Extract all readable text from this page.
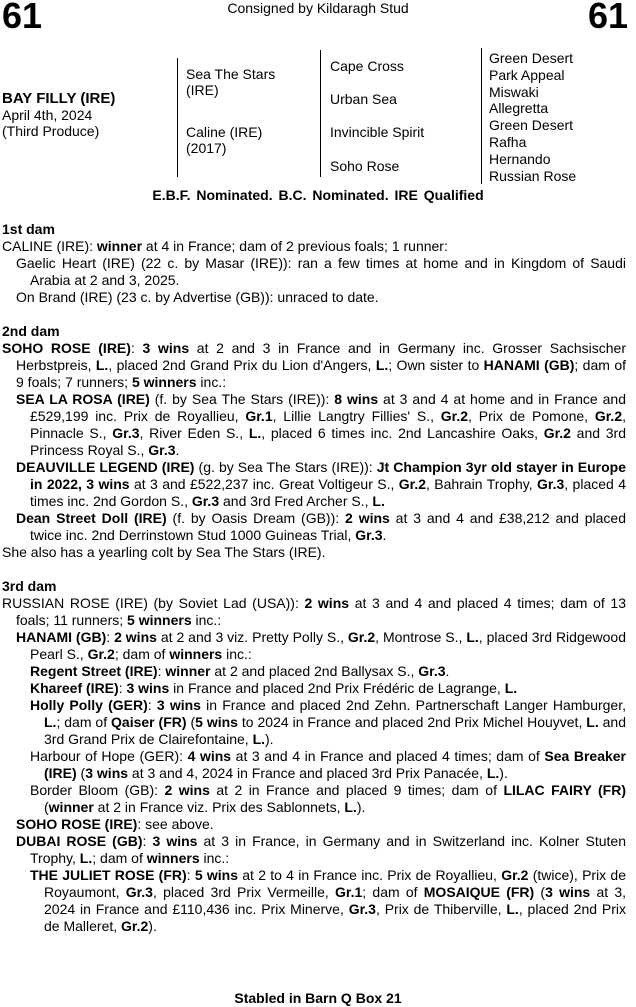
61	Consigned by Kildaragh Stud	61
BAY FILLY (IRE)
April 4th, 2024
(Third Produce)
Sea The Stars
(IRE)
Caline (IRE)
(2017)
Cape Cross
Urban Sea
Invincible Spirit
Soho Rose
Green Desert
Park Appeal
Miswaki
Allegretta
Green Desert
Rafha
Hernando
Russian Rose
E.B.F. Nominated. B.C. Nominated. IRE Qualified
1st dam
CALINE (IRE): winner at 4 in France; dam of 2 previous foals; 1 runner:
Gaelic Heart (IRE) (22 c. by Masar (IRE)): ran a few times at home and in Kingdom of Saudi Arabia at 2 and 3, 2025.
On Brand (IRE) (23 c. by Advertise (GB)): unraced to date.
2nd dam
SOHO ROSE (IRE): 3 wins at 2 and 3 in France and in Germany inc. Grosser Sachsischer Herbstpreis, L., placed 2nd Grand Prix du Lion d'Angers, L.; Own sister to HANAMI (GB); dam of 9 foals; 7 runners; 5 winners inc.:
SEA LA ROSA (IRE) (f. by Sea The Stars (IRE)): 8 wins at 3 and 4 at home and in France and £529,199 inc. Prix de Royallieu, Gr.1, Lillie Langtry Fillies' S., Gr.2, Prix de Pomone, Gr.2, Pinnacle S., Gr.3, River Eden S., L., placed 6 times inc. 2nd Lancashire Oaks, Gr.2 and 3rd Princess Royal S., Gr.3.
DEAUVILLE LEGEND (IRE) (g. by Sea The Stars (IRE)): Jt Champion 3yr old stayer in Europe in 2022, 3 wins at 3 and £522,237 inc. Great Voltigeur S., Gr.2, Bahrain Trophy, Gr.3, placed 4 times inc. 2nd Gordon S., Gr.3 and 3rd Fred Archer S., L.
Dean Street Doll (IRE) (f. by Oasis Dream (GB)): 2 wins at 3 and 4 and £38,212 and placed twice inc. 2nd Derrinstown Stud 1000 Guineas Trial, Gr.3.
She also has a yearling colt by Sea The Stars (IRE).
3rd dam
RUSSIAN ROSE (IRE) (by Soviet Lad (USA)): 2 wins at 3 and 4 and placed 4 times; dam of 13 foals; 11 runners; 5 winners inc.:
HANAMI (GB): 2 wins at 2 and 3 viz. Pretty Polly S., Gr.2, Montrose S., L., placed 3rd Ridgewood Pearl S., Gr.2; dam of winners inc.:
Regent Street (IRE): winner at 2 and placed 2nd Ballysax S., Gr.3.
Khareef (IRE): 3 wins in France and placed 2nd Prix Frédéric de Lagrange, L.
Holly Polly (GER): 3 wins in France and placed 2nd Zehn. Partnerschaft Langer Hamburger, L.; dam of Qaiser (FR) (5 wins to 2024 in France and placed 2nd Prix Michel Houyvet, L. and 3rd Grand Prix de Clairefontaine, L.).
Harbour of Hope (GER): 4 wins at 3 and 4 in France and placed 4 times; dam of Sea Breaker (IRE) (3 wins at 3 and 4, 2024 in France and placed 3rd Prix Panacée, L.).
Border Bloom (GB): 2 wins at 2 in France and placed 9 times; dam of LILAC FAIRY (FR) (winner at 2 in France viz. Prix des Sablonnets, L.).
SOHO ROSE (IRE): see above.
DUBAI ROSE (GB): 3 wins at 3 in France, in Germany and in Switzerland inc. Kolner Stuten Trophy, L.; dam of winners inc.:
THE JULIET ROSE (FR): 5 wins at 2 to 4 in France inc. Prix de Royallieu, Gr.2 (twice), Prix de Royaumont, Gr.3, placed 3rd Prix Vermeille, Gr.1; dam of MOSAIQUE (FR) (3 wins at 3, 2024 in France and £110,436 inc. Prix Minerve, Gr.3, Prix de Thiberville, L., placed 2nd Prix de Malleret, Gr.2).
Stabled in Barn Q Box 21
